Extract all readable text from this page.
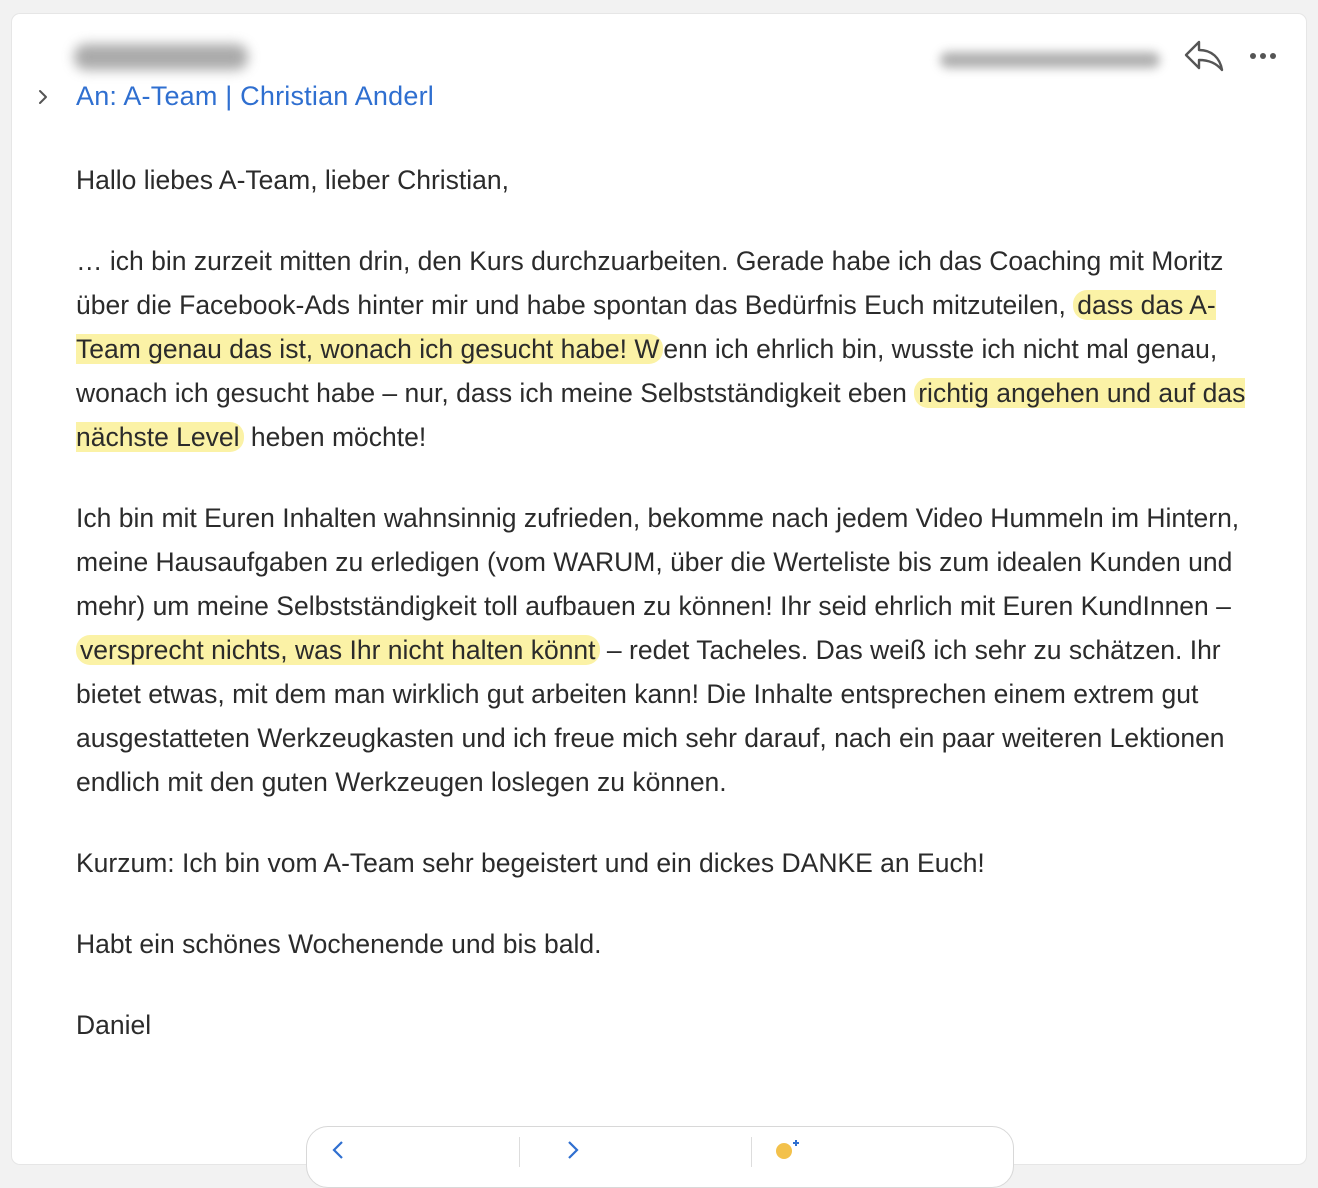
An: A-Team | Christian Anderl

Hallo liebes A-Team, lieber Christian,

… ich bin zurzeit mitten drin, den Kurs durchzuarbeiten. Gerade habe ich das Coaching mit Moritz über die Facebook-Ads hinter mir und habe spontan das Bedürfnis Euch mitzuteilen, dass das A-Team genau das ist, wonach ich gesucht habe! W enn ich ehrlich bin, wusste ich nicht mal genau, wonach ich gesucht habe – nur, dass ich meine Selbstständigkeit eben richtig angehen und auf das nächste Level heben möchte!

Ich bin mit Euren Inhalten wahnsinnig zufrieden, bekomme nach jedem Video Hummeln im Hintern, meine Hausaufgaben zu erledigen (vom WARUM, über die Werteliste bis zum idealen Kunden und mehr) um meine Selbstständigkeit toll aufbauen zu können! Ihr seid ehrlich mit Euren KundInnen – versprecht nichts, was Ihr nicht halten könnt – redet Tacheles. Das weiß ich sehr zu schätzen. Ihr bietet etwas, mit dem man wirklich gut arbeiten kann! Die Inhalte entsprechen einem extrem gut ausgestatteten Werkzeugkasten und ich freue mich sehr darauf, nach ein paar weiteren Lektionen endlich mit den guten Werkzeugen loslegen zu können.

Kurzum: Ich bin vom A-Team sehr begeistert und ein dickes DANKE an Euch!

Habt ein schönes Wochenende und bis bald.

Daniel
